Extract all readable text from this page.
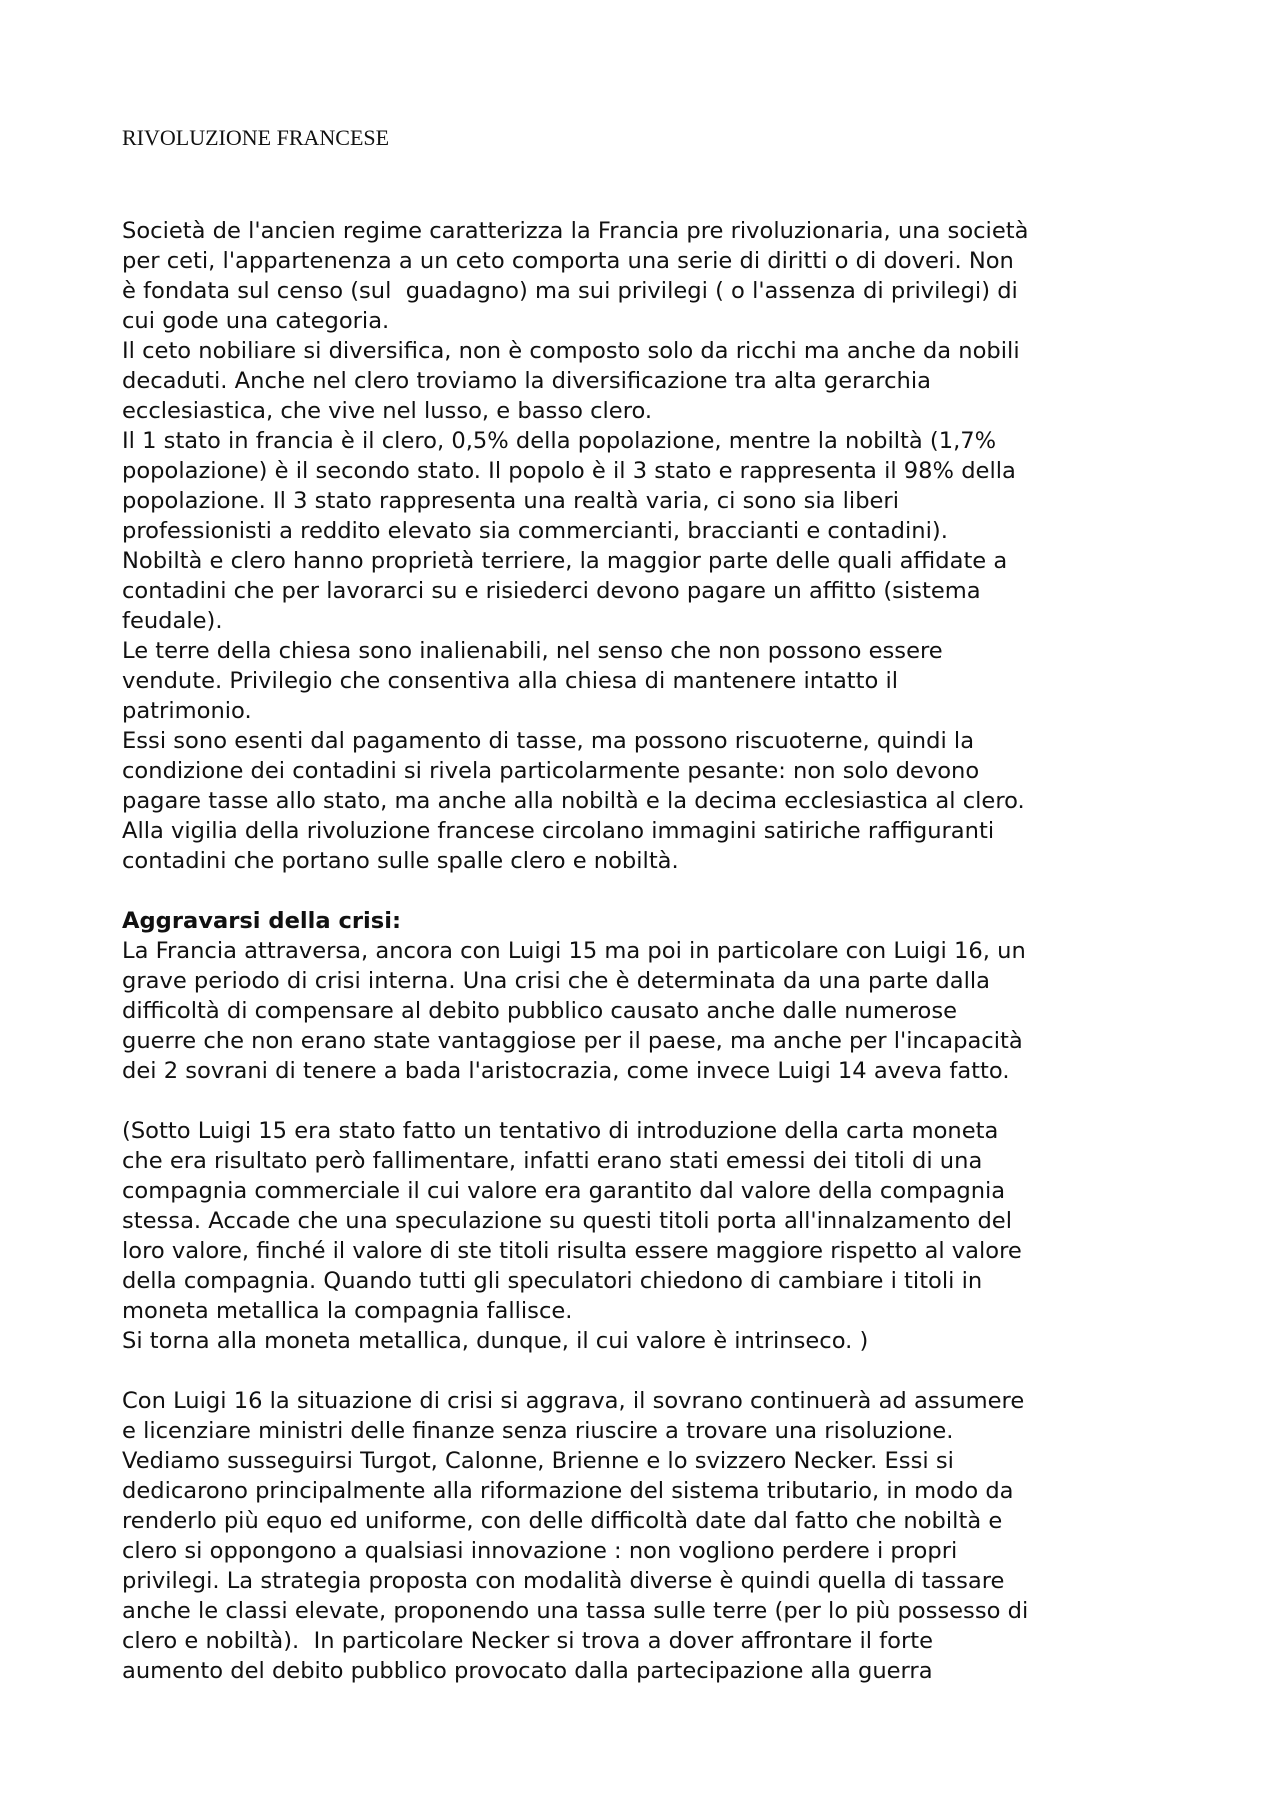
RIVOLUZIONE FRANCESE
Società de l'ancien regime caratterizza la Francia pre rivoluzionaria, una società
per ceti, l'appartenenza a un ceto comporta una serie di diritti o di doveri. Non
è fondata sul censo (sul  guadagno) ma sui privilegi ( o l'assenza di privilegi) di
cui gode una categoria.
Il ceto nobiliare si diversifica, non è composto solo da ricchi ma anche da nobili
decaduti. Anche nel clero troviamo la diversificazione tra alta gerarchia
ecclesiastica, che vive nel lusso, e basso clero.
Il 1 stato in francia è il clero, 0,5% della popolazione, mentre la nobiltà (1,7%
popolazione) è il secondo stato. Il popolo è il 3 stato e rappresenta il 98% della
popolazione. Il 3 stato rappresenta una realtà varia, ci sono sia liberi
professionisti a reddito elevato sia commercianti, braccianti e contadini).
Nobiltà e clero hanno proprietà terriere, la maggior parte delle quali affidate a
contadini che per lavorarci su e risiederci devono pagare un affitto (sistema
feudale).
Le terre della chiesa sono inalienabili, nel senso che non possono essere
vendute. Privilegio che consentiva alla chiesa di mantenere intatto il
patrimonio.
Essi sono esenti dal pagamento di tasse, ma possono riscuoterne, quindi la
condizione dei contadini si rivela particolarmente pesante: non solo devono
pagare tasse allo stato, ma anche alla nobiltà e la decima ecclesiastica al clero.
Alla vigilia della rivoluzione francese circolano immagini satiriche raffiguranti
contadini che portano sulle spalle clero e nobiltà.
Aggravarsi della crisi:
La Francia attraversa, ancora con Luigi 15 ma poi in particolare con Luigi 16, un
grave periodo di crisi interna. Una crisi che è determinata da una parte dalla
difficoltà di compensare al debito pubblico causato anche dalle numerose
guerre che non erano state vantaggiose per il paese, ma anche per l'incapacità
dei 2 sovrani di tenere a bada l'aristocrazia, come invece Luigi 14 aveva fatto.
(Sotto Luigi 15 era stato fatto un tentativo di introduzione della carta moneta
che era risultato però fallimentare, infatti erano stati emessi dei titoli di una
compagnia commerciale il cui valore era garantito dal valore della compagnia
stessa. Accade che una speculazione su questi titoli porta all'innalzamento del
loro valore, finché il valore di ste titoli risulta essere maggiore rispetto al valore
della compagnia. Quando tutti gli speculatori chiedono di cambiare i titoli in
moneta metallica la compagnia fallisce.
Si torna alla moneta metallica, dunque, il cui valore è intrinseco. )
Con Luigi 16 la situazione di crisi si aggrava, il sovrano continuerà ad assumere
e licenziare ministri delle finanze senza riuscire a trovare una risoluzione.
Vediamo susseguirsi Turgot, Calonne, Brienne e lo svizzero Necker. Essi si
dedicarono principalmente alla riformazione del sistema tributario, in modo da
renderlo più equo ed uniforme, con delle difficoltà date dal fatto che nobiltà e
clero si oppongono a qualsiasi innovazione : non vogliono perdere i propri
privilegi. La strategia proposta con modalità diverse è quindi quella di tassare
anche le classi elevate, proponendo una tassa sulle terre (per lo più possesso di
clero e nobiltà).  In particolare Necker si trova a dover affrontare il forte
aumento del debito pubblico provocato dalla partecipazione alla guerra
